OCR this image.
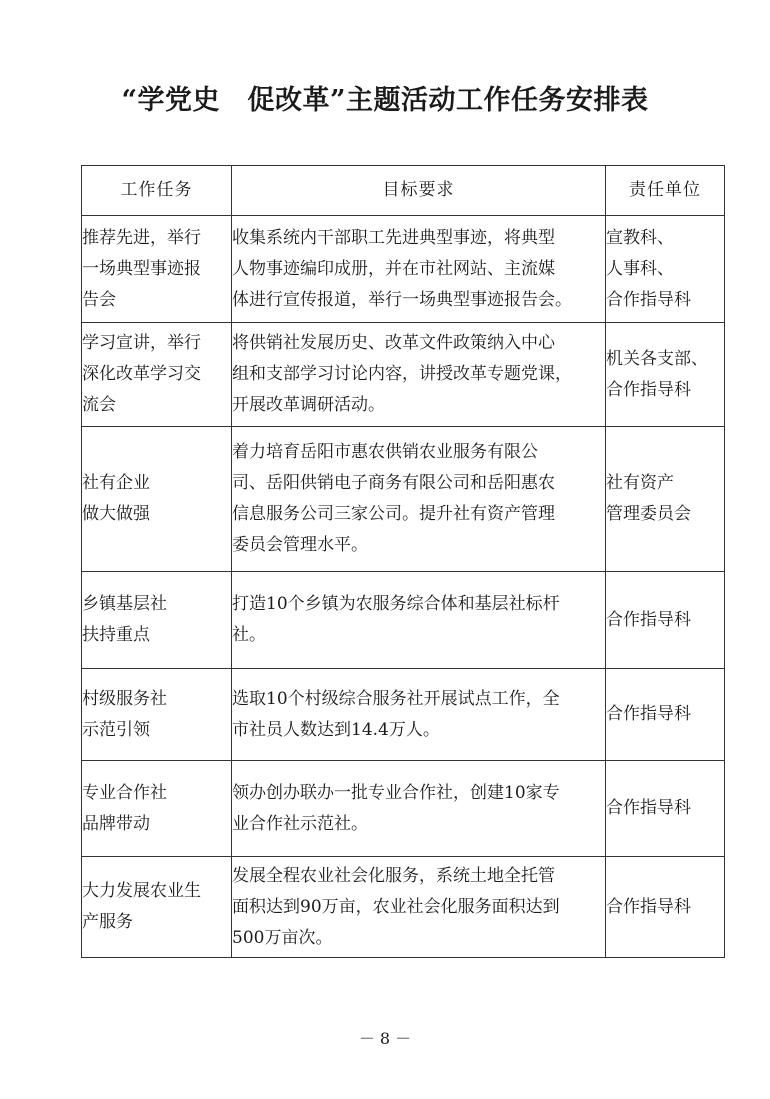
“学党史　促改革”主题活动工作任务安排表
工作任务	目标要求	责任单位

推荐先进，举行
一场典型事迹报
告会	收集系统内干部职工先进典型事迹，将典型
人物事迹编印成册，并在市社网站、主流媒
体进行宣传报道，举行一场典型事迹报告会。	宣教科、
人事科、
合作指导科

学习宣讲，举行
深化改革学习交
流会	将供销社发展历史、改革文件政策纳入中心
组和支部学习讨论内容，讲授改革专题党课，
开展改革调研活动。	机关各支部、
合作指导科

社有企业
做大做强	着力培育岳阳市惠农供销农业服务有限公
司、岳阳供销电子商务有限公司和岳阳惠农
信息服务公司三家公司。提升社有资产管理
委员会管理水平。	社有资产
管理委员会

乡镇基层社
扶持重点	打造10个乡镇为农服务综合体和基层社标杆
社。	合作指导科

村级服务社
示范引领	选取10个村级综合服务社开展试点工作，全
市社员人数达到14.4万人。	合作指导科

专业合作社
品牌带动	领办创办联办一批专业合作社，创建10家专
业合作社示范社。	合作指导科

大力发展农业生
产服务	发展全程农业社会化服务，系统土地全托管
面积达到90万亩，农业社会化服务面积达到
500万亩次。	合作指导科
－ 8 －
